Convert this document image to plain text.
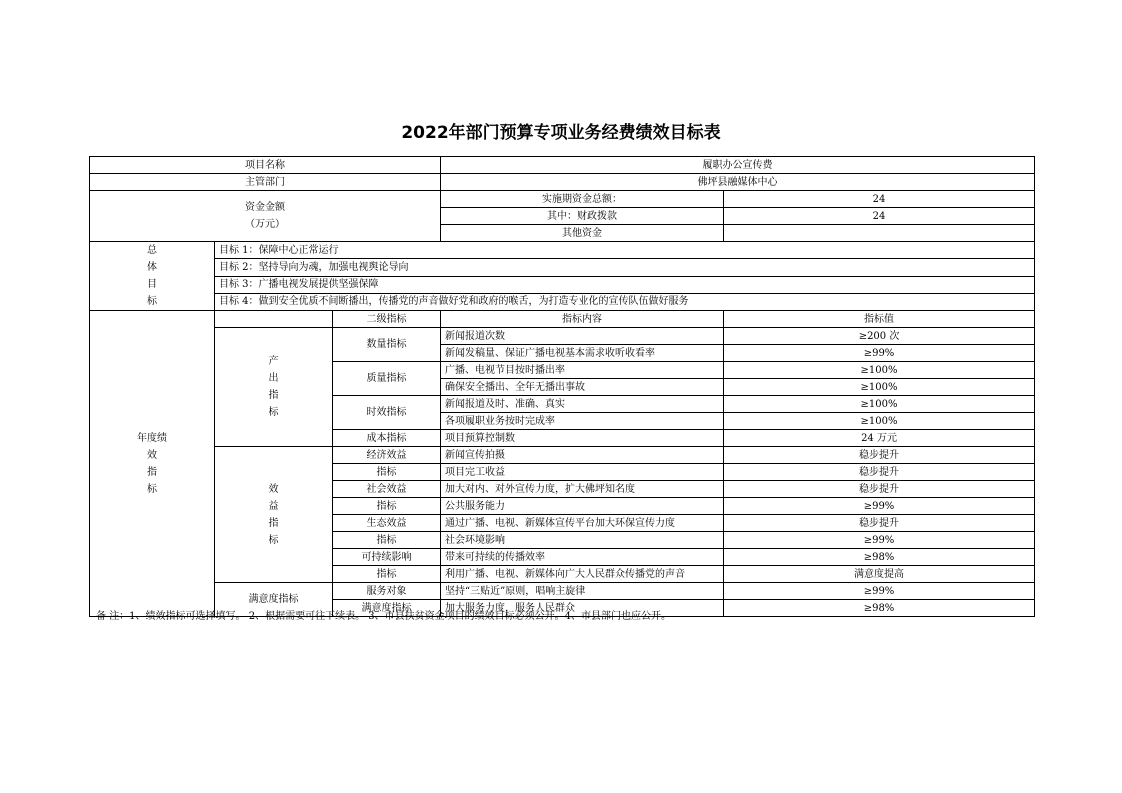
2022年部门预算专项业务经费绩效目标表
项目名称			履职办公宣传费	
主管部门			佛坪县融媒体中心	

资金金额
（万元）			实施期资金总额：	24
			其中：财政拨款	24
			其他资金	

总
体
目
标	目标 1：保障中心正常运行			
	目标 2：坚持导向为魂，加强电视舆论导向			
	目标 3：广播电视发展提供坚强保障			
	目标 4：做到安全优质不间断播出，传播党的声音做好党和政府的喉舌，为打造专业化的宣传队伍做好服务			

年度绩
效
指
标		二级指标	指标内容	指标值

	产
出
指
标	数量指标	新闻报道次数	≥200 次
			新闻发稿量、保证广播电视基本需求收听收看率	≥99%
		质量指标	广播、电视节目按时播出率	≥100%
			确保安全播出、全年无播出事故	≥100%
		时效指标	新闻报道及时、准确、真实	≥100%
			各项履职业务按时完成率	≥100%
		成本指标	项目预算控制数	24 万元

	效
益
指
标	经济效益	新闻宣传拍摄	稳步提升
		指标	项目完工收益	稳步提升
		社会效益	加大对内、对外宣传力度，扩大佛坪知名度	稳步提升
		指标	公共服务能力	≥99%
		生态效益	通过广播、电视、新媒体宣传平台加大环保宣传力度	稳步提升
		指标	社会环境影响	≥99%
		可持续影响	带来可持续的传播效率	≥98%
		指标	利用广播、电视、新媒体向广大人民群众传播党的声音	满意度提高
	满意度指标	服务对象	坚持“三贴近”原则，唱响主旋律	≥99%
		满意度指标	加大服务力度，服务人民群众	≥98%
备 注：1、绩效指标可选择填写。 2、根据需要可往下续表。 3、市县扶贫资金项目的绩效目标必须公开。4、市县部门也应公开。
